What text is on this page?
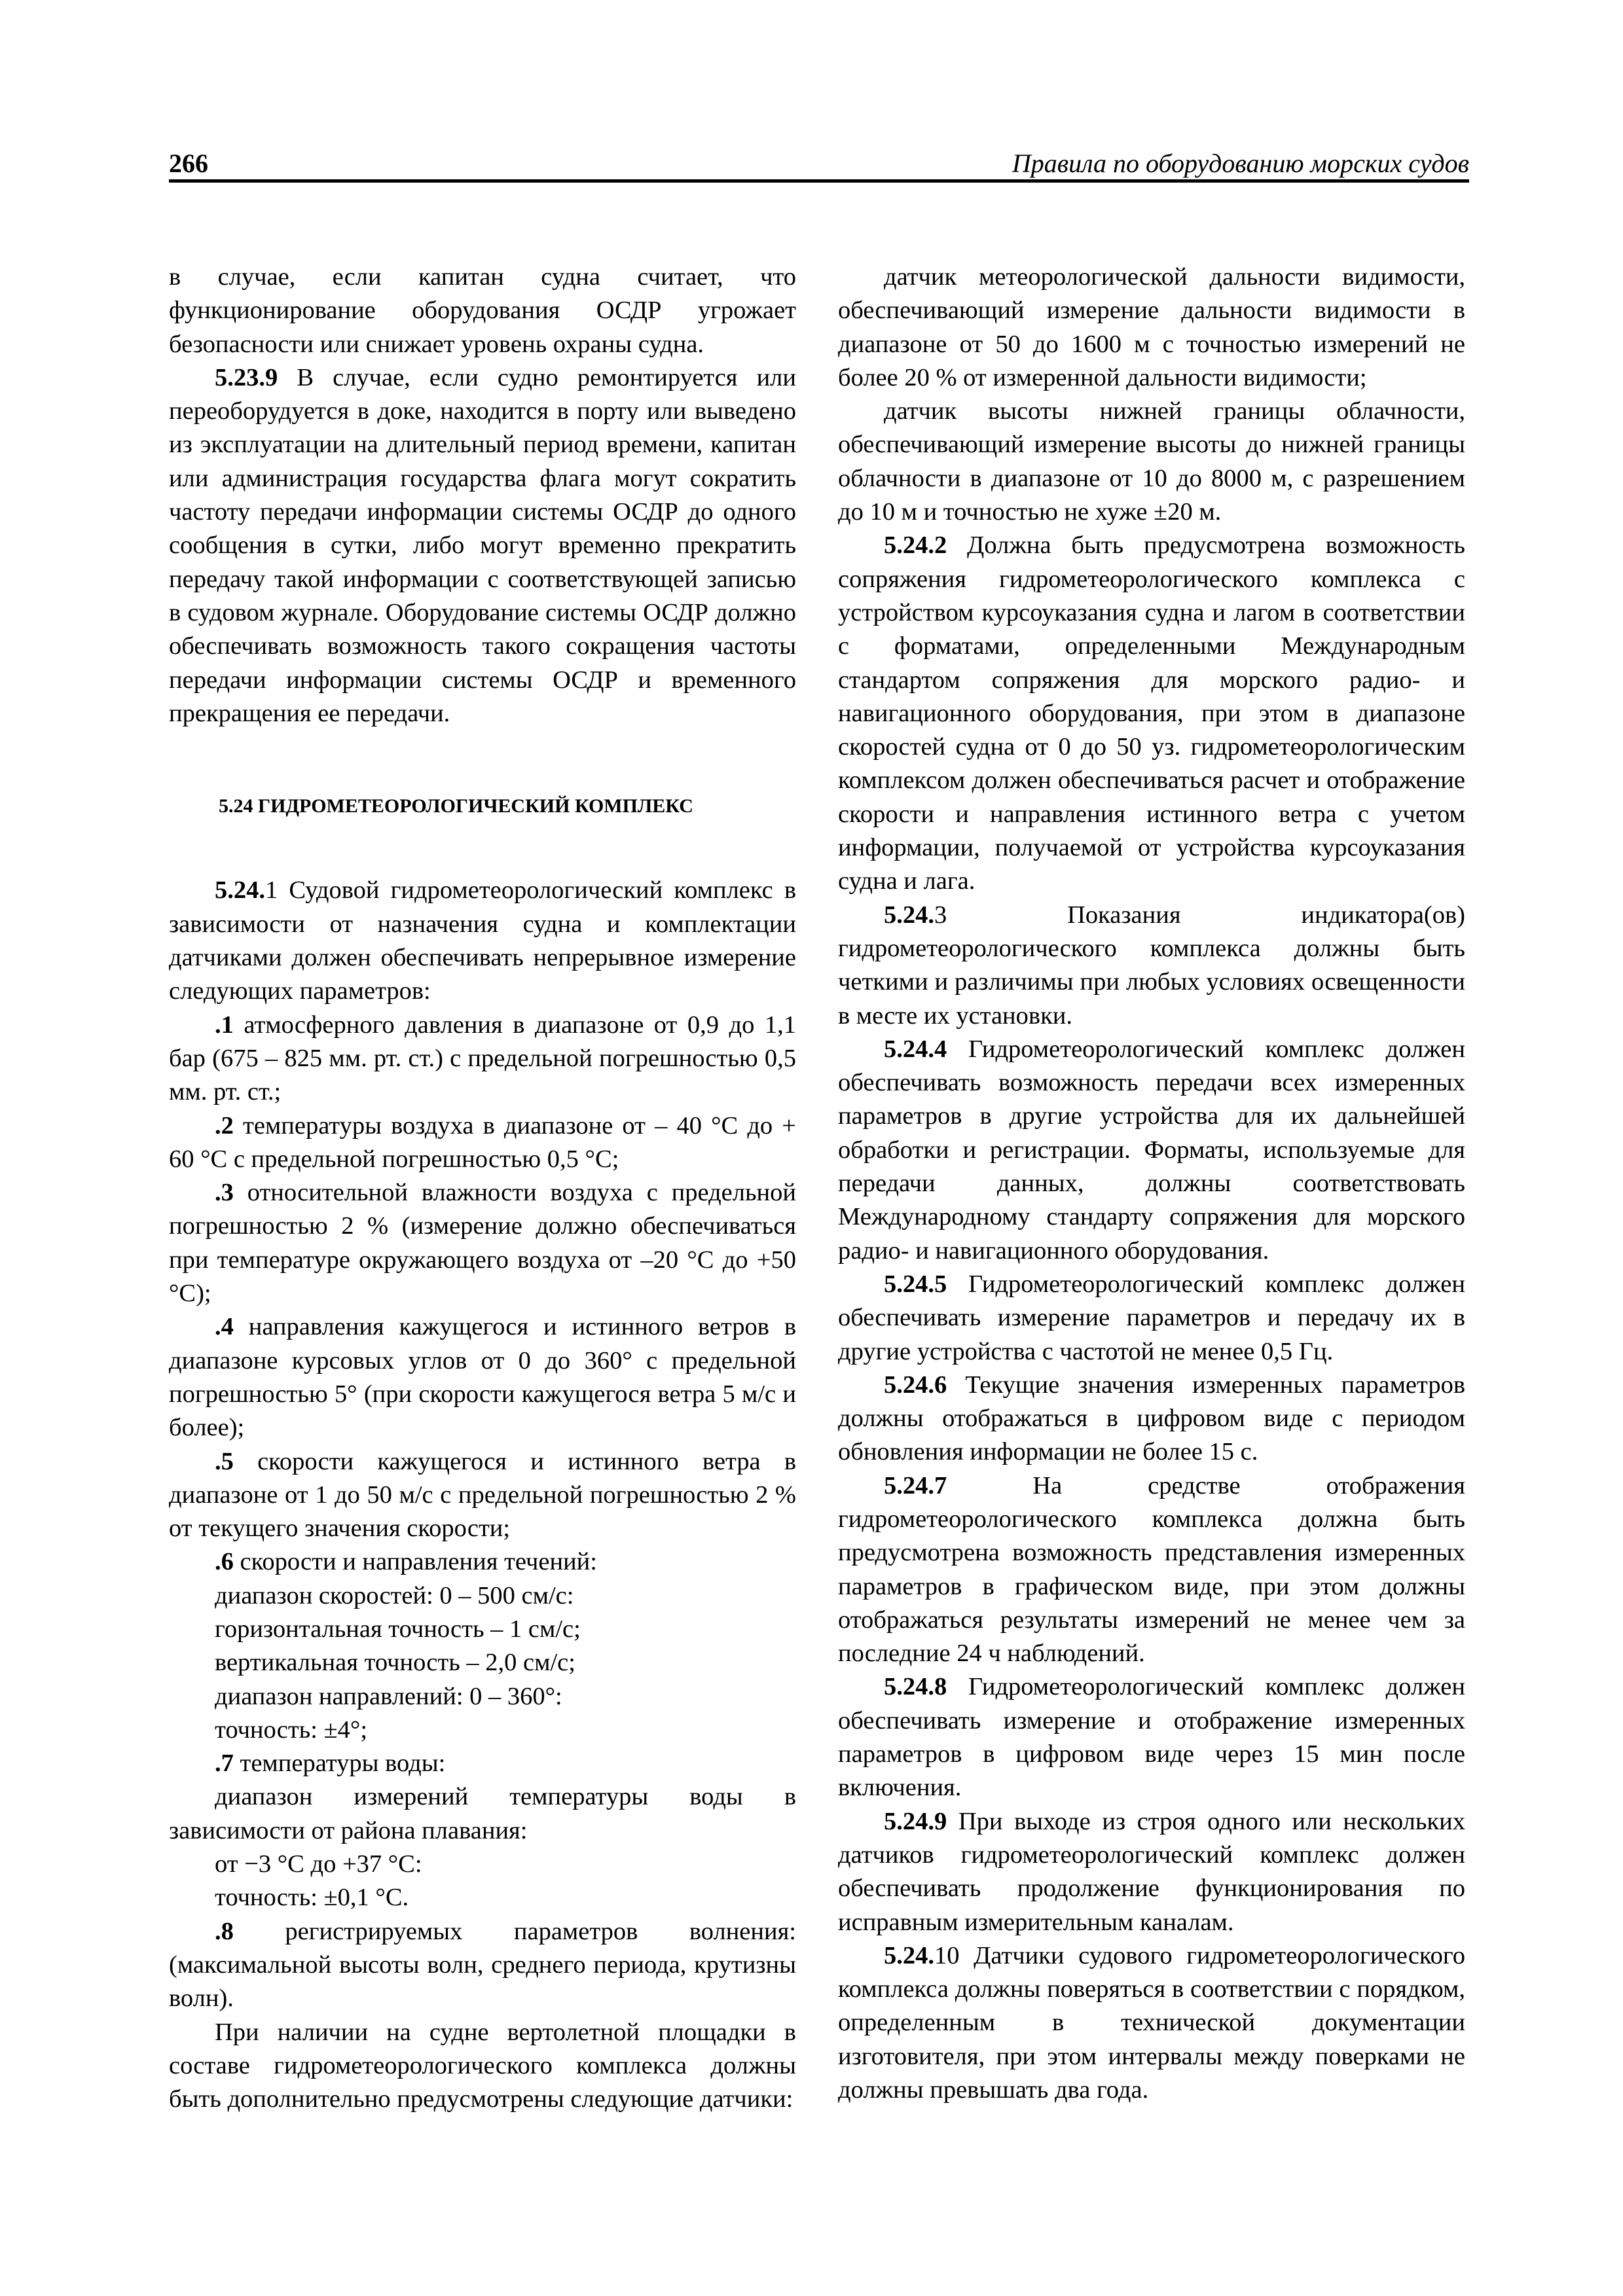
266	Правила по оборудованию морских судов

в случае, если капитан судна считает, что функционирование оборудования ОСДР угрожает безопасности или снижает уровень охраны судна.

5.23.9 В случае, если судно ремонтируется или переоборудуется в доке, находится в порту или выведено из эксплуатации на длительный период времени, капитан или администрация государства флага могут сократить частоту передачи информации системы ОСДР до одного сообщения в сутки, либо могут временно прекратить передачу такой информации с соответствующей записью в судовом журнале. Оборудование системы ОСДР должно обеспечивать возможность такого сокращения частоты передачи информации системы ОСДР и временного прекращения ее передачи.

5.24 ГИДРОМЕТЕОРОЛОГИЧЕСКИЙ КОМПЛЕКС

5.24.1 Судовой гидрометеорологический комплекс в зависимости от назначения судна и комплектации датчиками должен обеспечивать непрерывное измерение следующих параметров:

.1 атмосферного давления в диапазоне от 0,9 до 1,1 бар (675 – 825 мм. рт. ст.) с предельной погрешностью 0,5 мм. рт. ст.;

.2 температуры воздуха в диапазоне от – 40 °С до + 60 °С с предельной погрешностью 0,5 °С;

.3 относительной влажности воздуха с предельной погрешностью 2 % (измерение должно обеспечиваться при температуре окружающего воздуха от –20 °С до +50 °С);

.4 направления кажущегося и истинного ветров в диапазоне курсовых углов от 0 до 360° с предельной погрешностью 5° (при скорости кажущегося ветра 5 м/с и более);

.5 скорости кажущегося и истинного ветра в диапазоне от 1 до 50 м/с с предельной погрешностью 2 % от текущего значения скорости;

.6 скорости и направления течений:

диапазон скоростей: 0 – 500 см/с:

горизонтальная точность – 1 см/с;

вертикальная точность – 2,0 см/с;

диапазон направлений: 0 – 360°:

точность: ±4°;

.7 температуры воды:

диапазон измерений температуры воды в зависимости от района плавания:

от −3 °С до +37 °С:

точность: ±0,1 °С.

.8 регистрируемых параметров волнения: (максимальной высоты волн, среднего периода, крутизны волн).

При наличии на судне вертолетной площадки в составе гидрометеорологического комплекса должны быть дополнительно предусмотрены следующие датчики:

датчик метеорологической дальности видимости, обеспечивающий измерение дальности видимости в диапазоне от 50 до 1600 м с точностью измерений не более 20 % от измеренной дальности видимости;

датчик высоты нижней границы облачности, обеспечивающий измерение высоты до нижней границы облачности в диапазоне от 10 до 8000 м, с разрешением до 10 м и точностью не хуже ±20 м.

5.24.2 Должна быть предусмотрена возможность сопряжения гидрометеорологического комплекса с устройством курсоуказания судна и лагом в соответствии с форматами, определенными Международным стандартом сопряжения для морского радио- и навигационного оборудования, при этом в диапазоне скоростей судна от 0 до 50 уз. гидрометеорологическим комплексом должен обеспечиваться расчет и отображение скорости и направления истинного ветра с учетом информации, получаемой от устройства курсоуказания судна и лага.

5.24.3 Показания индикатора(ов) гидрометеорологического комплекса должны быть четкими и различимы при любых условиях освещенности в месте их установки.

5.24.4 Гидрометеорологический комплекс должен обеспечивать возможность передачи всех измеренных параметров в другие устройства для их дальнейшей обработки и регистрации. Форматы, используемые для передачи данных, должны соответствовать Международному стандарту сопряжения для морского радио- и навигационного оборудования.

5.24.5 Гидрометеорологический комплекс должен обеспечивать измерение параметров и передачу их в другие устройства с частотой не менее 0,5 Гц.

5.24.6 Текущие значения измеренных параметров должны отображаться в цифровом виде с периодом обновления информации не более 15 с.

5.24.7 На средстве отображения гидрометеорологического комплекса должна быть предусмотрена возможность представления измеренных параметров в графическом виде, при этом должны отображаться результаты измерений не менее чем за последние 24 ч наблюдений.

5.24.8 Гидрометеорологический комплекс должен обеспечивать измерение и отображение измеренных параметров в цифровом виде через 15 мин после включения.

5.24.9 При выходе из строя одного или нескольких датчиков гидрометеорологический комплекс должен обеспечивать продолжение функционирования по исправным измерительным каналам.

5.24.10 Датчики судового гидрометеорологического комплекса должны поверяться в соответствии с порядком, определенным в технической документации изготовителя, при этом интервалы между поверками не должны превышать два года.
